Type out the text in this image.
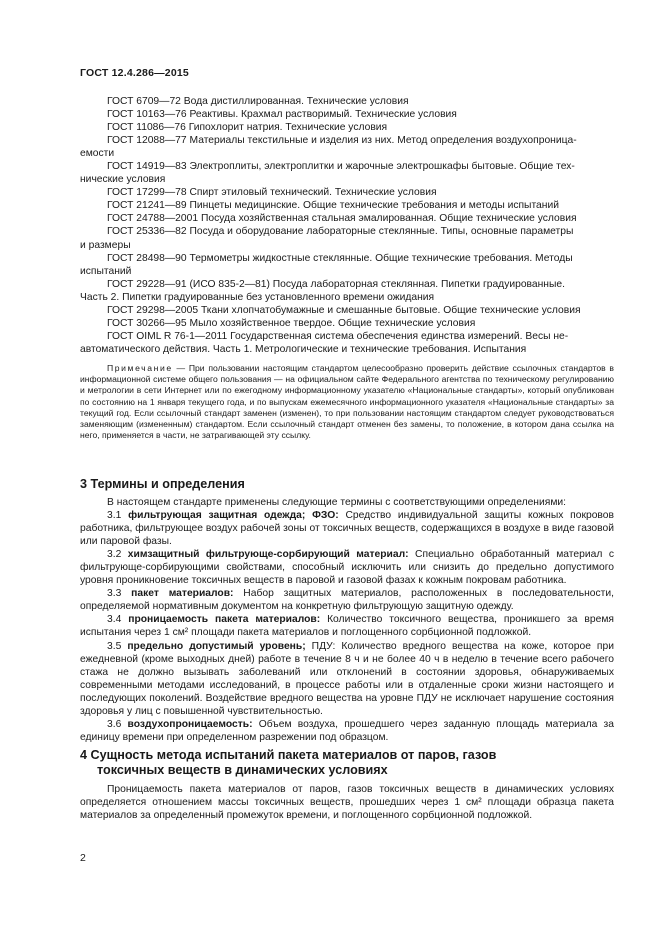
ГОСТ 12.4.286—2015

ГОСТ 6709—72 Вода дистиллированная. Технические условия

ГОСТ 10163—76 Реактивы. Крахмал растворимый. Технические условия

ГОСТ 11086—76 Гипохлорит натрия. Технические условия

ГОСТ 12088—77 Материалы текстильные и изделия из них. Метод определения воздухопроница-

емости

ГОСТ 14919—83 Электроплиты, электроплитки и жарочные электрошкафы бытовые. Общие тех-

нические условия

ГОСТ 17299—78 Спирт этиловый технический. Технические условия

ГОСТ 21241—89 Пинцеты медицинские. Общие технические требования и методы испытаний

ГОСТ 24788—2001 Посуда хозяйственная стальная эмалированная. Общие технические условия

ГОСТ 25336—82 Посуда и оборудование лабораторные стеклянные. Типы, основные параметры

и размеры

ГОСТ 28498—90 Термометры жидкостные стеклянные. Общие технические требования. Методы

испытаний

ГОСТ 29228—91 (ИСО 835-2—81) Посуда лабораторная стеклянная. Пипетки градуированные.

Часть 2. Пипетки градуированные без установленного времени ожидания

ГОСТ 29298—2005 Ткани хлопчатобумажные и смешанные бытовые. Общие технические условия

ГОСТ 30266—95 Мыло хозяйственное твердое. Общие технические условия

ГОСТ OIML R 76-1—2011 Государственная система обеспечения единства измерений. Весы не-

автоматического действия. Часть 1. Метрологические и технические требования. Испытания

Примечание — При пользовании настоящим стандартом целесообразно проверить действие ссылочных стандартов в информационной системе общего пользования — на официальном сайте Федерального агентства по техническому регулированию и метрологии в сети Интернет или по ежегодному информационному указателю «Национальные стандарты», который опубликован по состоянию на 1 января текущего года, и по выпускам ежемесячного информационного указателя «Национальные стандарты» за текущий год. Если ссылочный стандарт заменен (изменен), то при пользовании настоящим стандартом следует руководствоваться заменяющим (измененным) стандартом. Если ссылочный стандарт отменен без замены, то положение, в котором дана ссылка на него, применяется в части, не затрагивающей эту ссылку.

3 Термины и определения

В настоящем стандарте применены следующие термины с соответствующими определениями:

3.1 фильтрующая защитная одежда; ФЗО: Средство индивидуальной защиты кожных покровов работника, фильтрующее воздух рабочей зоны от токсичных веществ, содержащихся в воздухе в виде газовой или паровой фазы.

3.2 химзащитный фильтрующе-сорбирующий материал: Специально обработанный материал с фильтрующе-сорбирующими свойствами, способный исключить или снизить до предельно допустимого уровня проникновение токсичных веществ в паровой и газовой фазах к кожным покровам работника.

3.3 пакет материалов: Набор защитных материалов, расположенных в последовательности, определяемой нормативным документом на конкретную фильтрующую защитную одежду.

3.4 проницаемость пакета материалов: Количество токсичного вещества, проникшего за время испытания через 1 см² площади пакета материалов и поглощенного сорбционной подложкой.

3.5 предельно допустимый уровень; ПДУ: Количество вредного вещества на коже, которое при ежедневной (кроме выходных дней) работе в течение 8 ч и не более 40 ч в неделю в течение всего рабочего стажа не должно вызывать заболеваний или отклонений в состоянии здоровья, обнаруживаемых современными методами исследований, в процессе работы или в отдаленные сроки жизни настоящего и последующих поколений. Воздействие вредного вещества на уровне ПДУ не исключает нарушение состояния здоровья у лиц с повышенной чувствительностью.

3.6 воздухопроницаемость: Объем воздуха, прошедшего через заданную площадь материала за единицу времени при определенном разрежении под образцом.

4 Сущность метода испытаний пакета материалов от паров, газов
токсичных веществ в динамических условиях

Проницаемость пакета материалов от паров, газов токсичных веществ в динамических условиях определяется отношением массы токсичных веществ, прошедших через 1 см² площади образца пакета материалов за определенный промежуток времени, и поглощенного сорбционной подложкой.

2
